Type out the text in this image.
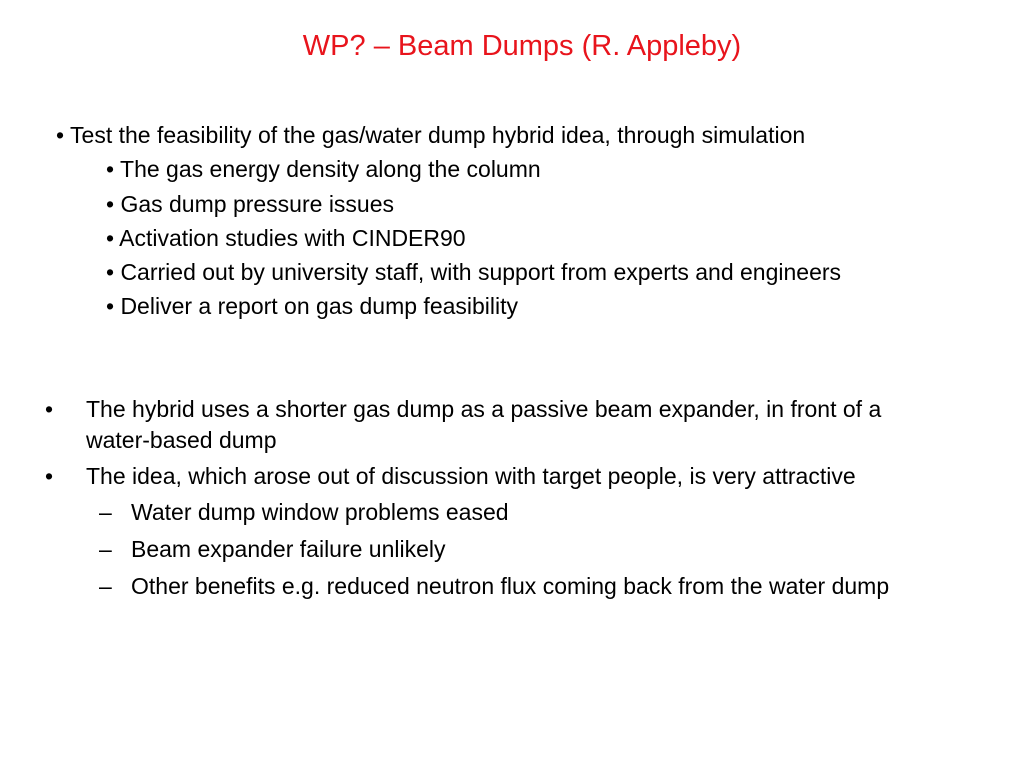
WP? – Beam Dumps (R. Appleby)
• Test the feasibility of the gas/water dump hybrid idea, through simulation
• The gas energy density along the column
• Gas dump pressure issues
• Activation studies with CINDER90
• Carried out by university staff, with support from experts and engineers
• Deliver a report on gas dump feasibility
• The hybrid uses a shorter gas dump as a passive beam expander, in front of a water-based dump
• The idea, which arose out of discussion with target people, is very attractive
– Water dump window problems eased
– Beam expander failure unlikely
– Other benefits e.g. reduced neutron flux coming back from the water dump
